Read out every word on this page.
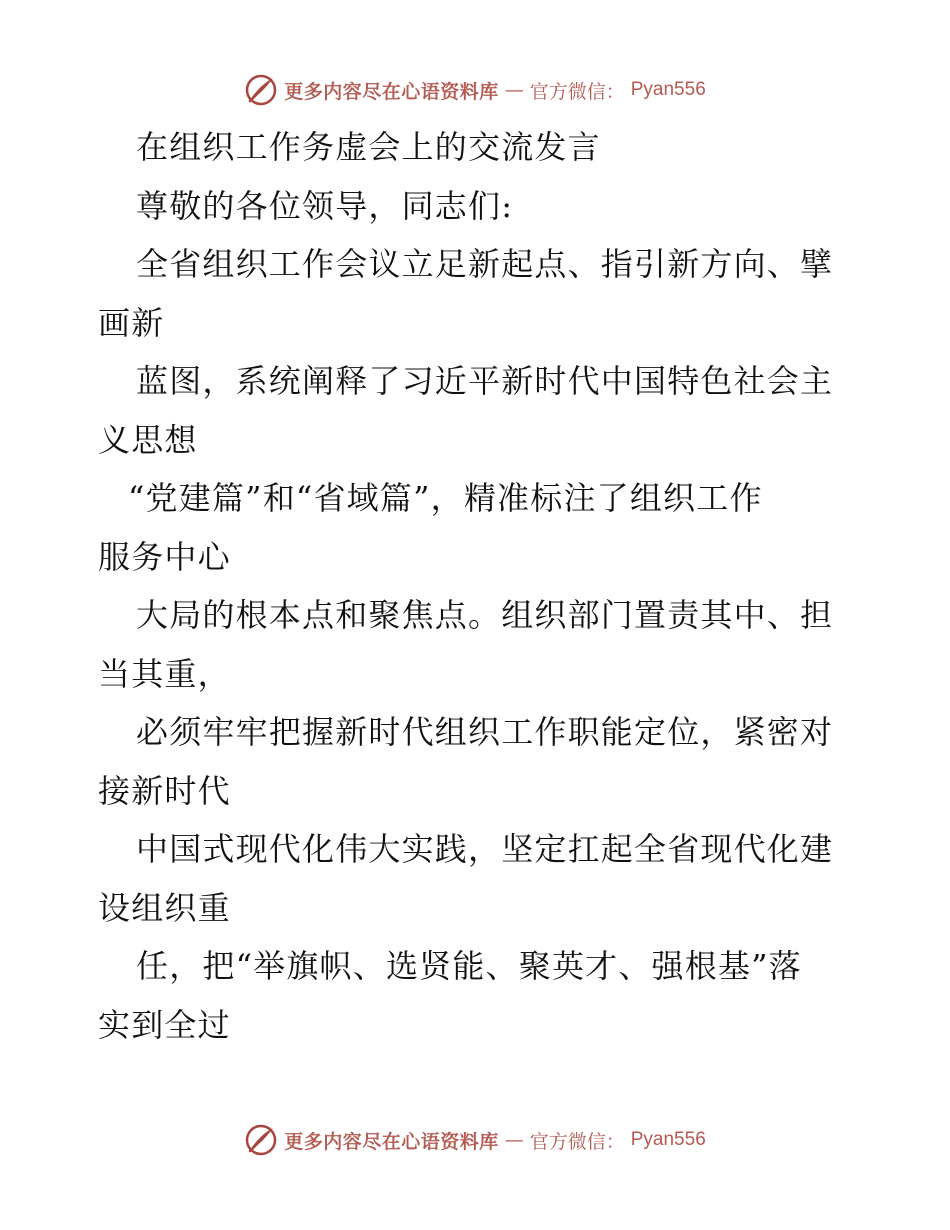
更多内容尽在心语资料库 — 官方微信： Pyan556
在组织工作务虚会上的交流发言
尊敬的各位领导，同志们:
全省组织工作会议立足新起点、指引新方向、擘
画新
蓝图，系统阐释了习近平新时代中国特色社会主
义思想
“党建篇”和“省域篇”，精准标注了组织工作
服务中心
大局的根本点和聚焦点。组织部门置责其中、担
当其重，
必须牢牢把握新时代组织工作职能定位，紧密对
接新时代
中国式现代化伟大实践，坚定扛起全省现代化建
设组织重
任，把“举旗帜、选贤能、聚英才、强根基”落
实到全过
更多内容尽在心语资料库 — 官方微信： Pyan556
